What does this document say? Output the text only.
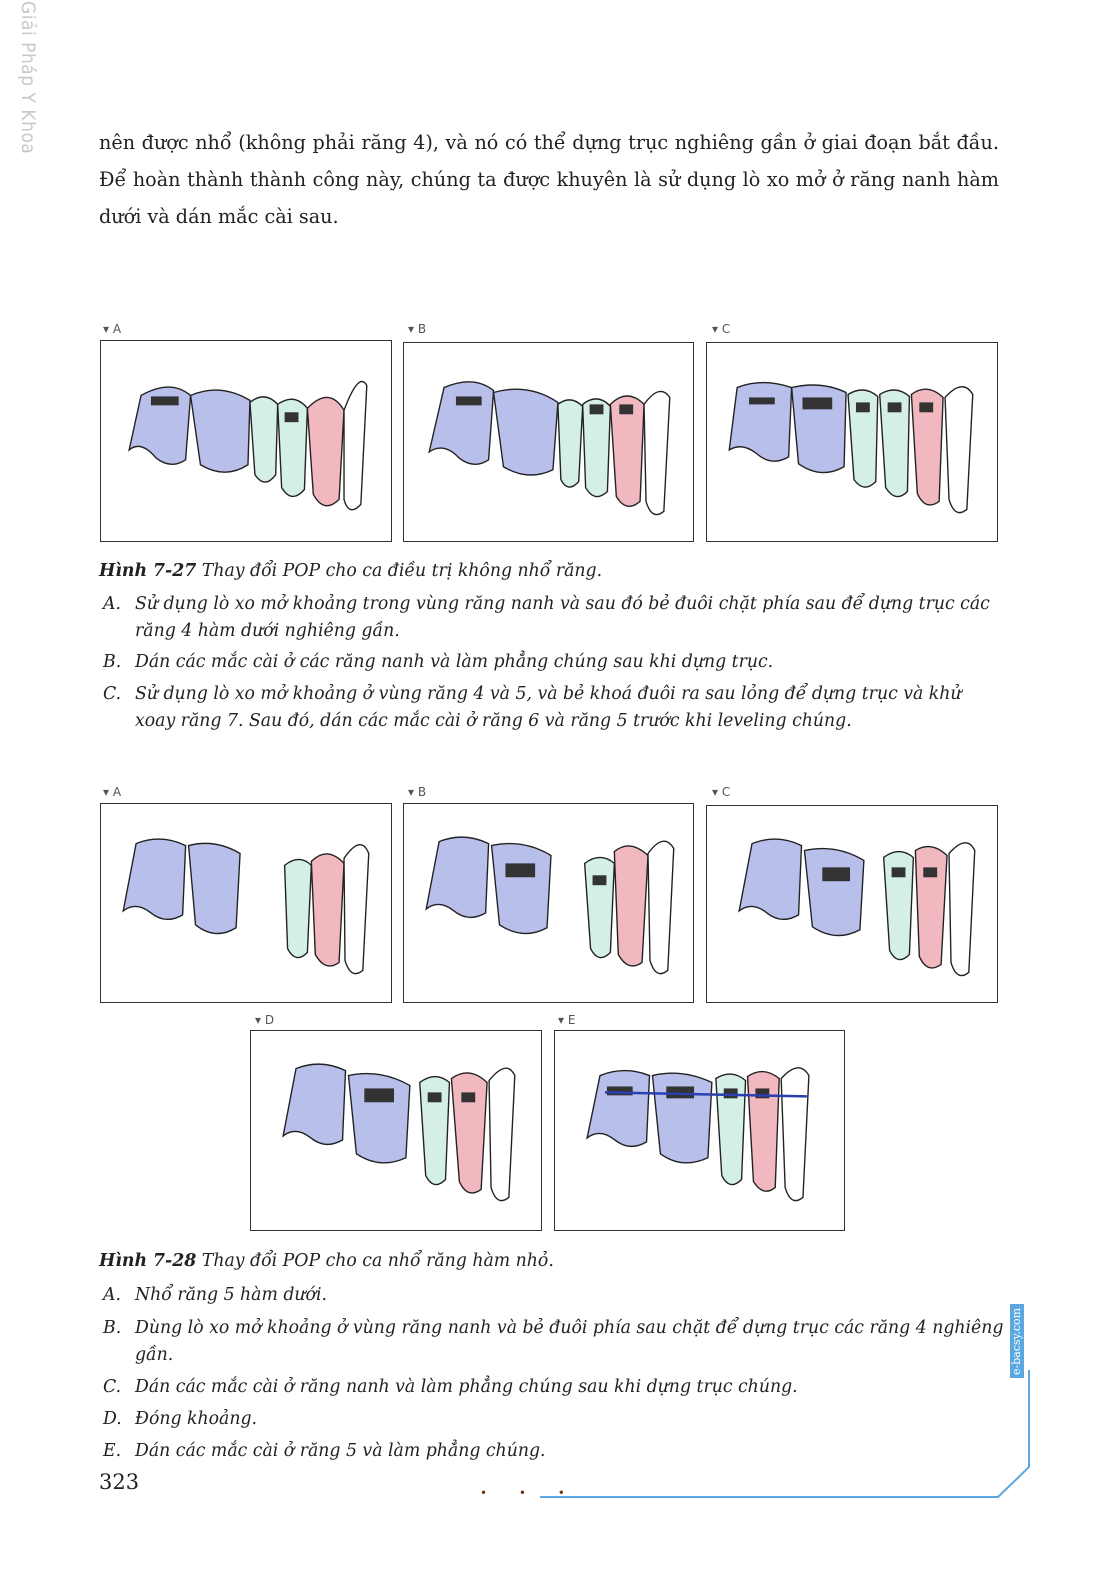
Giải Pháp Y Khoa	nên được nhổ (không phải răng 4), và nó có thể dựng trục nghiêng gần ở giai đoạn bắt đầu. Để hoàn thành thành công này, chúng ta được khuyên là sử dụng lò xo mở ở răng nanh hàm dưới và dán mắc cài sau.
▾ A	▾ B	▾ C
Hình 7-27 Thay đổi POP cho ca điều trị không nhổ răng.
A. Sử dụng lò xo mở khoảng trong vùng răng nanh và sau đó bẻ đuôi chặt phía sau để dựng trục các răng 4 hàm dưới nghiêng gần.
B. Dán các mắc cài ở các răng nanh và làm phẳng chúng sau khi dựng trục.
C. Sử dụng lò xo mở khoảng ở vùng răng 4 và 5, và bẻ khoá đuôi ra sau lỏng để dựng trục và khử xoay răng 7. Sau đó, dán các mắc cài ở răng 6 và răng 5 trước khi leveling chúng.
▾ A	▾ B	▾ C
▾ D	▾ E
Hình 7-28 Thay đổi POP cho ca nhổ răng hàm nhỏ.
A. Nhổ răng 5 hàm dưới.
B. Dùng lò xo mở khoảng ở vùng răng nanh và bẻ đuôi phía sau chặt để dựng trục các răng 4 nghiêng gần.
C. Dán các mắc cài ở răng nanh và làm phẳng chúng sau khi dựng trục chúng.
D. Đóng khoảng.
E. Dán các mắc cài ở răng 5 và làm phẳng chúng.
323	• • •
e-bacsy.com
